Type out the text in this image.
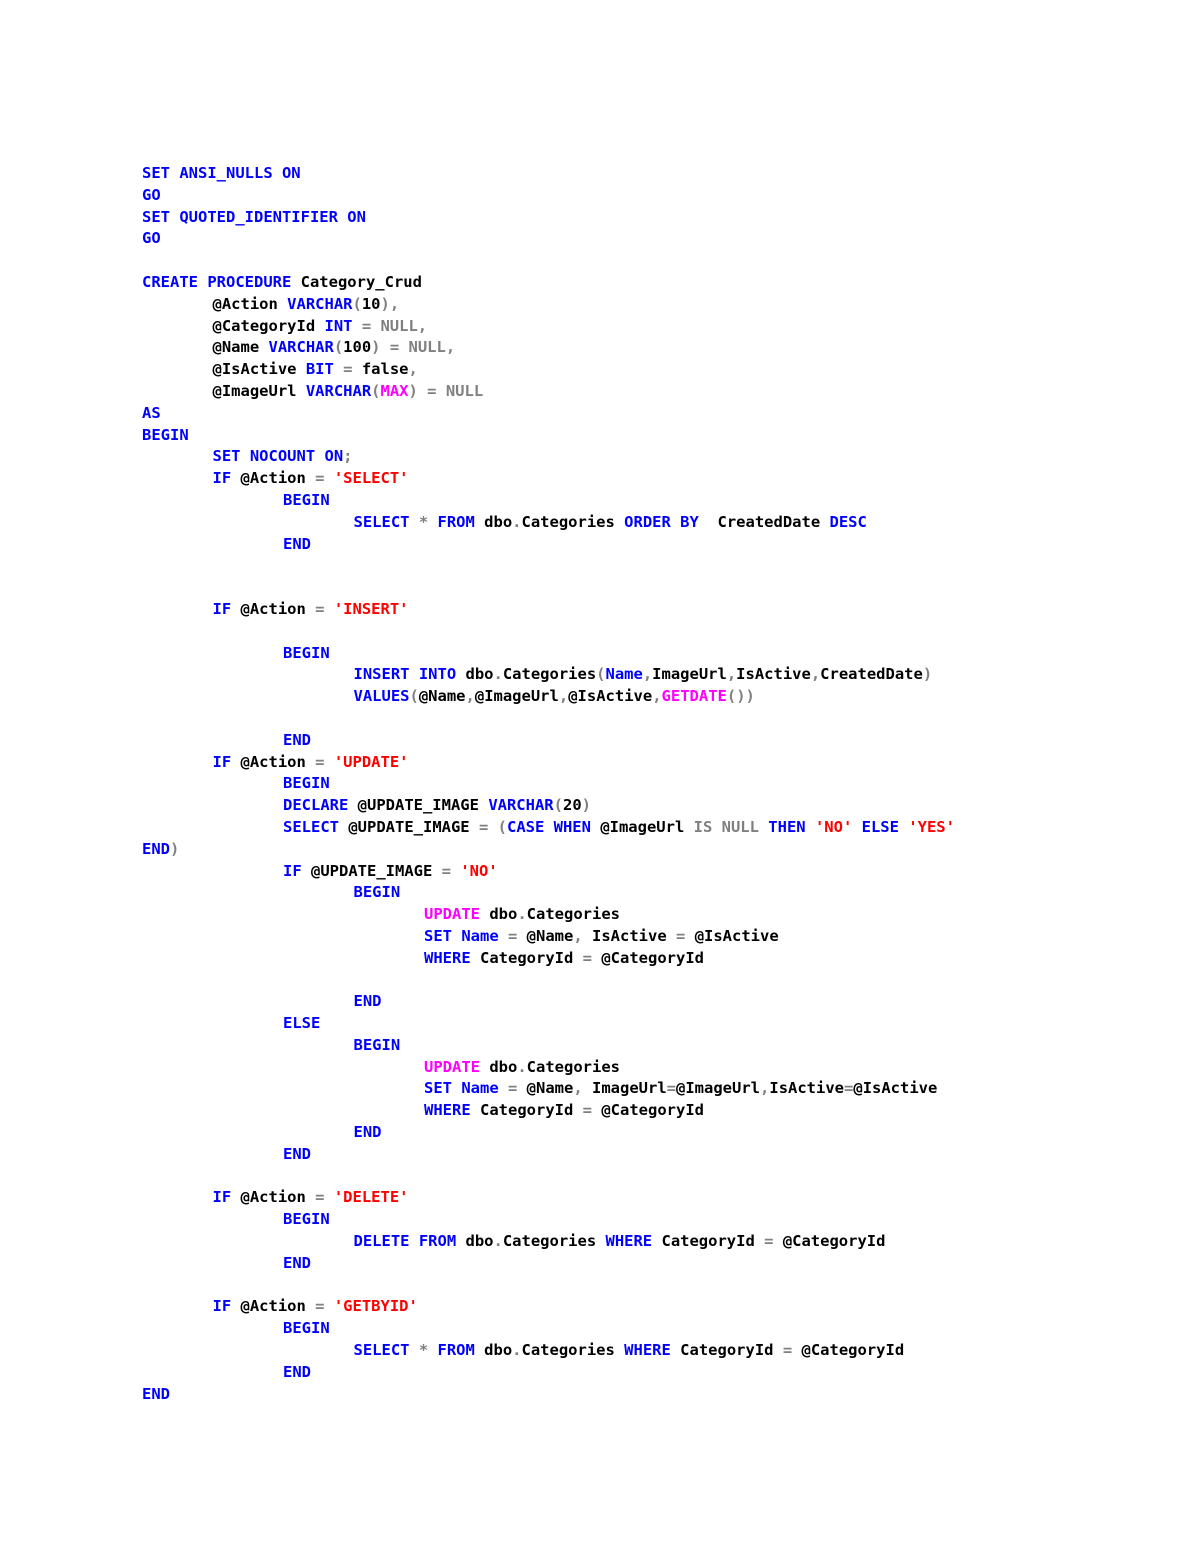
SET ANSI_NULLS ON
GO
SET QUOTED_IDENTIFIER ON
GO
CREATE PROCEDURE Category_Crud
@Action VARCHAR(10),
@CategoryId INT = NULL,
@Name VARCHAR(100) = NULL,
@IsActive BIT = false,
@ImageUrl VARCHAR(MAX) = NULL
AS
BEGIN
SET NOCOUNT ON;
IF @Action = 'SELECT'
BEGIN
SELECT * FROM dbo.Categories ORDER BY  CreatedDate DESC
END
IF @Action = 'INSERT'
BEGIN
INSERT INTO dbo.Categories(Name,ImageUrl,IsActive,CreatedDate)
VALUES(@Name,@ImageUrl,@IsActive,GETDATE())
END
IF @Action = 'UPDATE'
BEGIN
DECLARE @UPDATE_IMAGE VARCHAR(20)
SELECT @UPDATE_IMAGE = (CASE WHEN @ImageUrl IS NULL THEN 'NO' ELSE 'YES'
END)
IF @UPDATE_IMAGE = 'NO'
BEGIN
UPDATE dbo.Categories
SET Name = @Name, IsActive = @IsActive
WHERE CategoryId = @CategoryId
END
ELSE
BEGIN
UPDATE dbo.Categories
SET Name = @Name, ImageUrl=@ImageUrl,IsActive=@IsActive
WHERE CategoryId = @CategoryId
END
END
IF @Action = 'DELETE'
BEGIN
DELETE FROM dbo.Categories WHERE CategoryId = @CategoryId
END
IF @Action = 'GETBYID'
BEGIN
SELECT * FROM dbo.Categories WHERE CategoryId = @CategoryId
END
END
